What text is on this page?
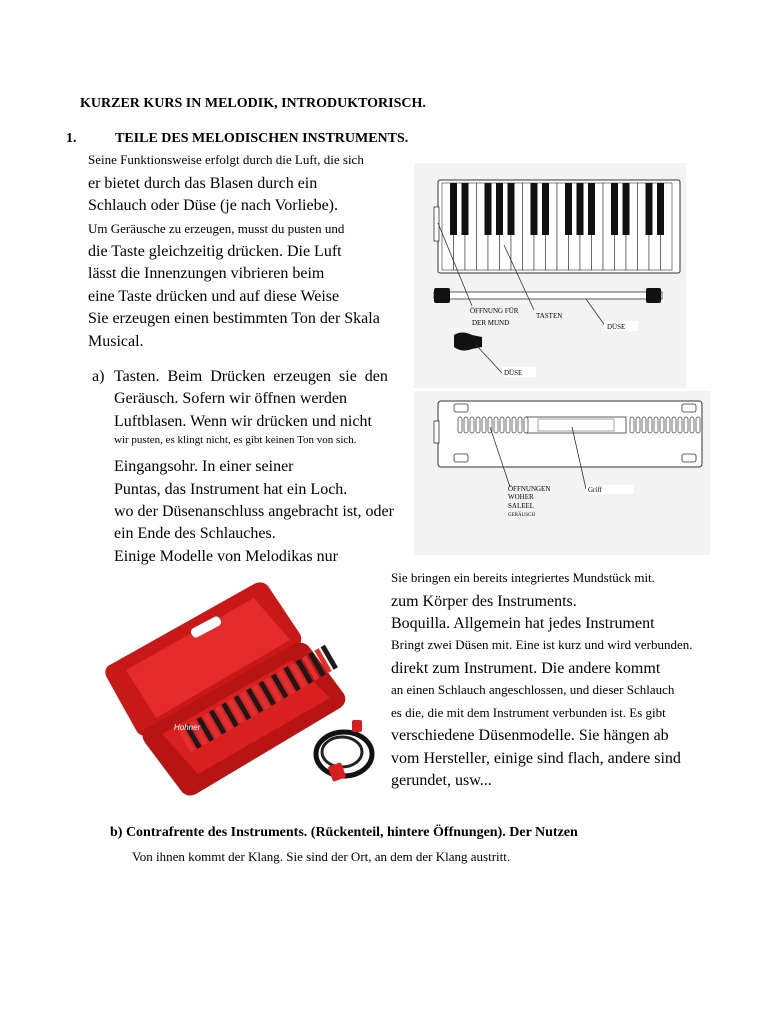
KURZER KURS IN MELODIK, INTRODUKTORISCH.
1.	TEILE DES MELODISCHEN INSTRUMENTS.
Seine Funktionsweise erfolgt durch die Luft, die sich
er bietet durch das Blasen durch ein
Schlauch oder Düse (je nach Vorliebe).
Um Geräusche zu erzeugen, musst du pusten und
die Taste gleichzeitig drücken. Die Luft
lässt die Innenzungen vibrieren beim
eine Taste drücken und auf diese Weise
Sie erzeugen einen bestimmten Ton der Skala
Musical.
a) Tasten. Beim Drücken erzeugen sie den
Geräusch. Sofern wir öffnen werden
Luftblasen. Wenn wir drücken und nicht
wir pusten, es klingt nicht, es gibt keinen Ton von sich.
Eingangsohr. In einer seiner
Puntas, das Instrument hat ein Loch.
wo der Düsenanschluss angebracht ist, oder
ein Ende des Schlauches.
Einige Modelle von Melodikas nur
Sie bringen ein bereits integriertes Mundstück mit.
zum Körper des Instruments.
Boquilla. Allgemein hat jedes Instrument
Bringt zwei Düsen mit. Eine ist kurz und wird verbunden.
direkt zum Instrument. Die andere kommt
an einen Schlauch angeschlossen, und dieser Schlauch
es die, die mit dem Instrument verbunden ist. Es gibt
verschiedene Düsenmodelle. Sie hängen ab
vom Hersteller, einige sind flach, andere sind
gerundet, usw...
b) Contrafrente des Instruments. (Rückenteil, hintere Öffnungen). Der Nutzen
Von ihnen kommt der Klang. Sie sind der Ort, an dem der Klang austritt.
ÖFFNUNG FÜR
DER MUND
TASTEN
DÜSE
DÜSE
ÖFFNUNGEN
WOHER
SALEEL
GERÄUSCH
Griff
Hohner
